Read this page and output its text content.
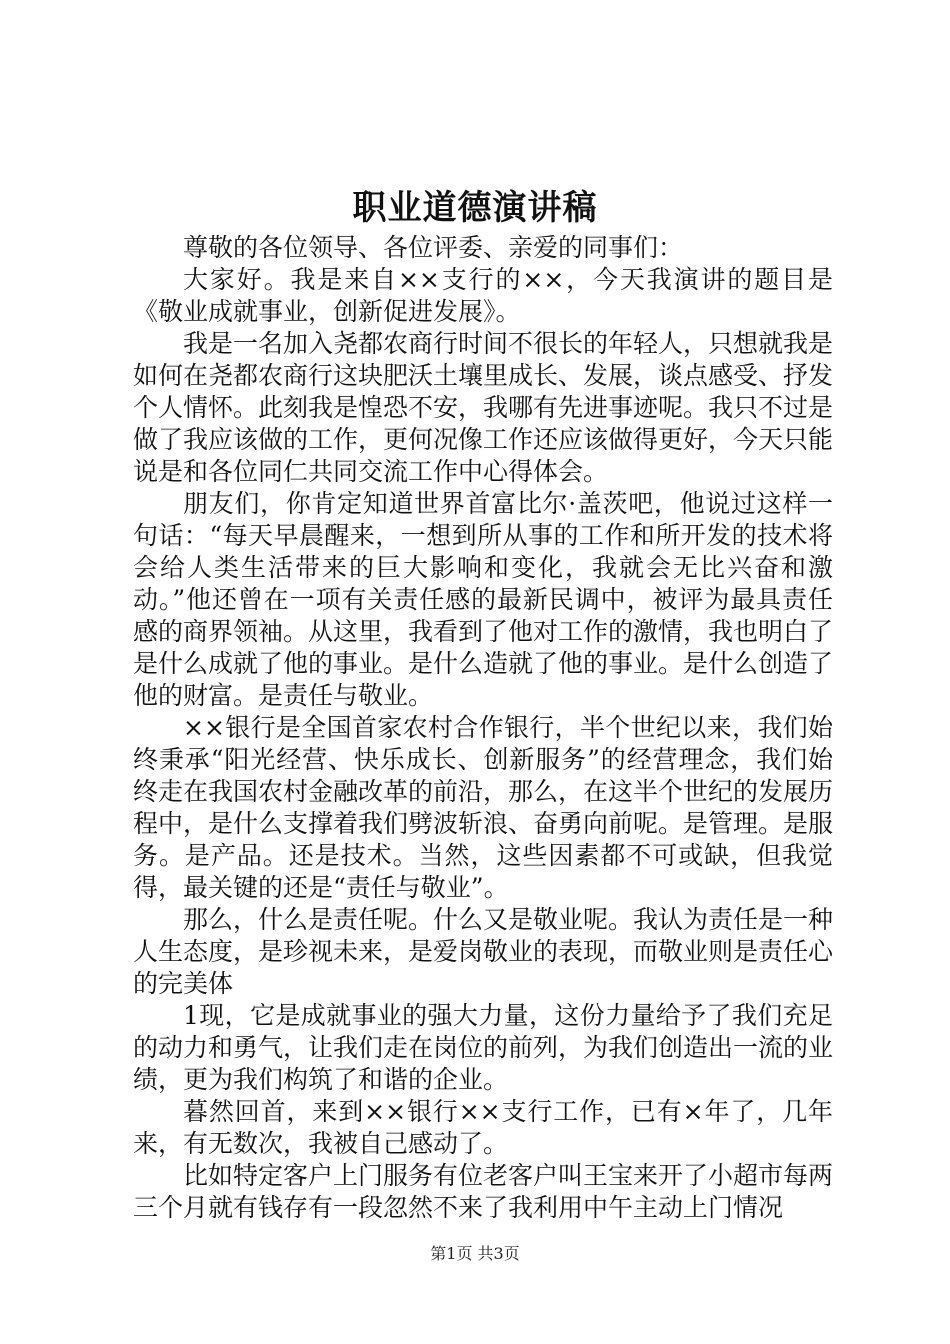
职业道德演讲稿

尊敬的各位领导、各位评委、亲爱的同事们：

大家好。我是来自××支行的××，今天我演讲的题目是《敬业成就事业，创新促进发展》。

我是一名加入尧都农商行时间不很长的年轻人，只想就我是如何在尧都农商行这块肥沃土壤里成长、发展，谈点感受、抒发个人情怀。此刻我是惶恐不安，我哪有先进事迹呢。我只不过是做了我应该做的工作，更何况像工作还应该做得更好，今天只能说是和各位同仁共同交流工作中心得体会。

朋友们，你肯定知道世界首富比尔·盖茨吧，他说过这样一句话：“每天早晨醒来，一想到所从事的工作和所开发的技术将会给人类生活带来的巨大影响和变化，我就会无比兴奋和激动。”他还曾在一项有关责任感的最新民调中，被评为最具责任感的商界领袖。从这里，我看到了他对工作的激情，我也明白了是什么成就了他的事业。是什么造就了他的事业。是什么创造了他的财富。是责任与敬业。

××银行是全国首家农村合作银行，半个世纪以来，我们始终秉承“阳光经营、快乐成长、创新服务”的经营理念，我们始终走在我国农村金融改革的前沿，那么，在这半个世纪的发展历程中，是什么支撑着我们劈波斩浪、奋勇向前呢。是管理。是服务。是产品。还是技术。当然，这些因素都不可或缺，但我觉得，最关键的还是“责任与敬业”。

那么，什么是责任呢。什么又是敬业呢。我认为责任是一种人生态度，是珍视未来，是爱岗敬业的表现，而敬业则是责任心的完美体

1现，它是成就事业的强大力量，这份力量给予了我们充足的动力和勇气，让我们走在岗位的前列，为我们创造出一流的业绩，更为我们构筑了和谐的企业。

暮然回首，来到××银行××支行工作，已有×年了，几年来，有无数次，我被自己感动了。

比如特定客户上门服务有位老客户叫王宝来开了小超市每两三个月就有钱存有一段忽然不来了我利用中午主动上门情况

第1页 共3页
